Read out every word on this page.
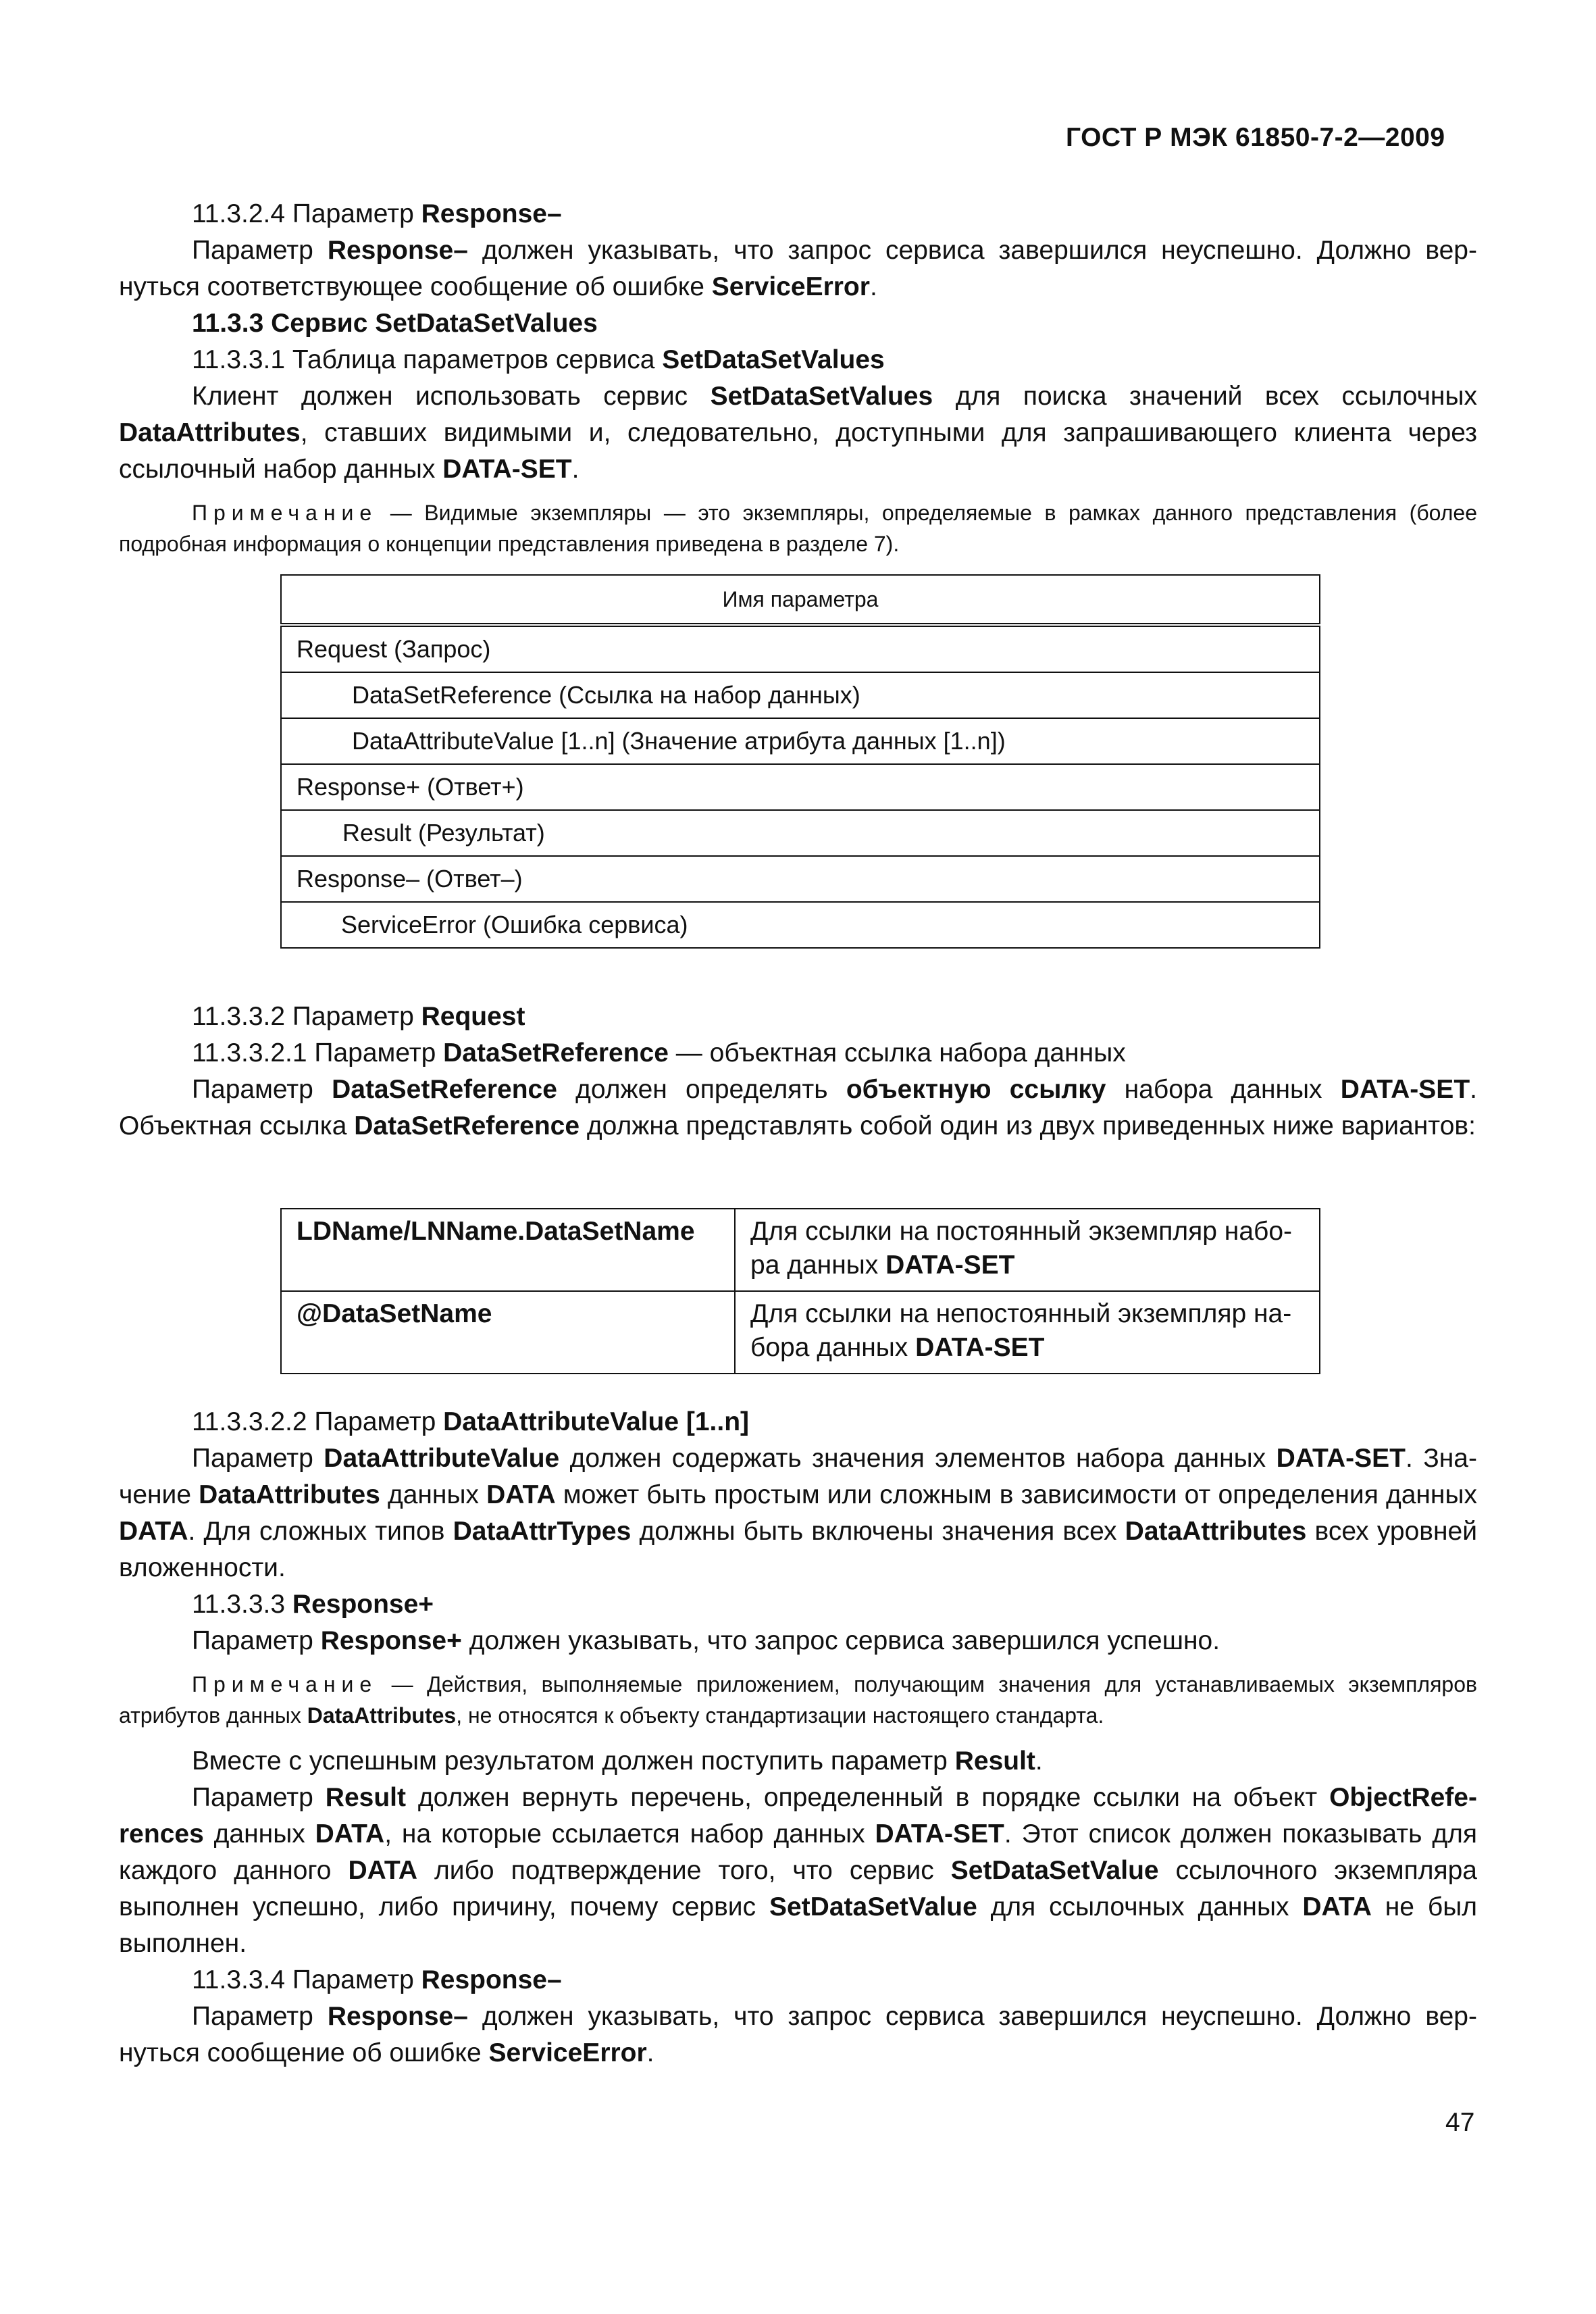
ГОСТ Р МЭК 61850-7-2—2009

11.3.2.4 Параметр Response–

Параметр Response– должен указывать, что запрос сервиса завершился неуспешно. Должно вернуться соответствующее сообщение об ошибке ServiceError.

11.3.3 Сервис SetDataSetValues

11.3.3.1 Таблица параметров сервиса SetDataSetValues

Клиент должен использовать сервис SetDataSetValues для поиска значений всех ссылочных DataAttributes, ставших видимыми и, следовательно, доступными для запрашивающего клиента через ссылочный набор данных DATA-SET.

Примечание — Видимые экземпляры — это экземпляры, определяемые в рамках данного представления (более подробная информация о концепции представления приведена в разделе 7).

Имя параметра
Request (Запрос)
DataSetReference (Ссылка на набор данных)
DataAttributeValue [1..n] (Значение атрибута данных [1..n])
Response+ (Ответ+)
Result (Результат)
Response– (Ответ–)
ServiceError (Ошибка сервиса)

11.3.3.2 Параметр Request

11.3.3.2.1 Параметр DataSetReference — объектная ссылка набора данных

Параметр DataSetReference должен определять объектную ссылку набора данных DATA-SET. Объектная ссылка DataSetReference должна представлять собой один из двух приведенных ниже вариантов:

LDName/LNName.DataSetName	Для ссылки на постоянный экземпляр набора данных DATA-SET
@DataSetName	Для ссылки на непостоянный экземпляр набора данных DATA-SET

11.3.3.2.2 Параметр DataAttributeValue [1..n]

Параметр DataAttributeValue должен содержать значения элементов набора данных DATA-SET. Значение DataAttributes данных DATA может быть простым или сложным в зависимости от определения данных DATA. Для сложных типов DataAttrTypes должны быть включены значения всех DataAttributes всех уровней вложенности.

11.3.3.3 Response+

Параметр Response+ должен указывать, что запрос сервиса завершился успешно.

Примечание — Действия, выполняемые приложением, получающим значения для устанавливаемых экземпляров атрибутов данных DataAttributes, не относятся к объекту стандартизации настоящего стандарта.

Вместе с успешным результатом должен поступить параметр Result.

Параметр Result должен вернуть перечень, определенный в порядке ссылки на объект ObjectReferences данных DATA, на которые ссылается набор данных DATA-SET. Этот список должен показывать для каждого данного DATA либо подтверждение того, что сервис SetDataSetValue ссылочного экземпляра выполнен успешно, либо причину, почему сервис SetDataSetValue для ссылочных данных DATA не был выполнен.

11.3.3.4 Параметр Response–

Параметр Response– должен указывать, что запрос сервиса завершился неуспешно. Должно вернуться сообщение об ошибке ServiceError.

47
